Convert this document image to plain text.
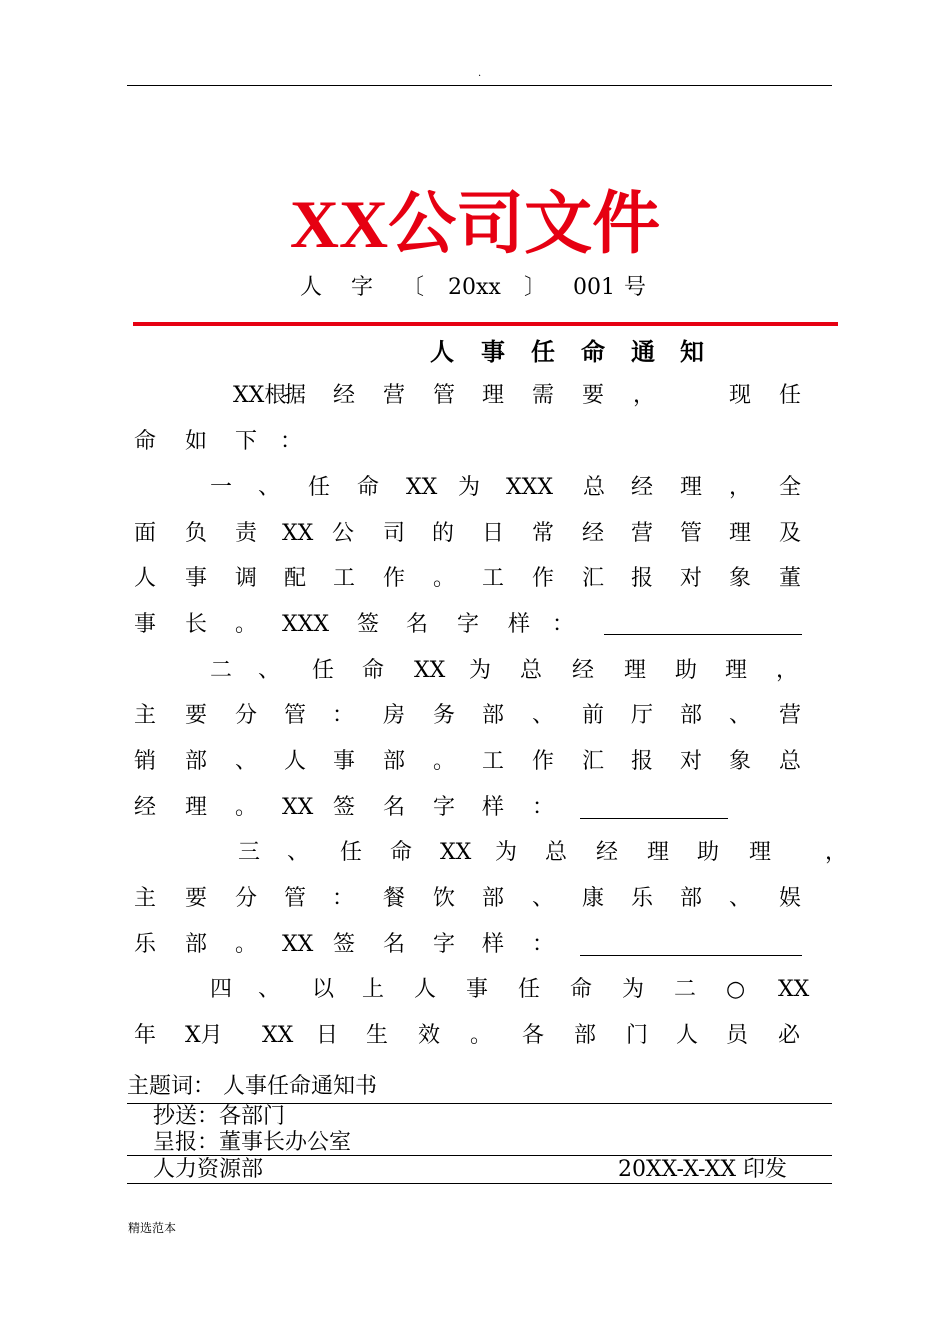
.
XX公司文件
人 字 〔 20xx 〕 001 号
人 事 任 命 通 知
XX根
据 经 营 管 理 需 要 ，	现 任
命 如 下 ：
一 、 任 命 XX 为 XXX 总 经 理 ， 全
面 负 责 XX 公 司 的 日 常 经 营 管 理 及
人 事 调 配 工 作 。 工 作 汇 报 对 象 董
事 长 。 XXX 签 名 字 样 ：
二 、 任 命 XX 为 总 经 理 助 理 ，
主 要 分 管 ： 房 务 部 、 前 厅 部 、 营
销 部 、 人 事 部 。 工 作 汇 报 对 象 总
经 理 。 XX 签 名 字 样 ：
三 、 任 命 XX 为 总 经 理 助 理 ，
主 要 分 管 ： 餐 饮 部 、 康 乐 部 、 娱
乐 部 。 XX 签 名 字 样 ：
四 、 以 上 人 事 任 命 为 二 ○ XX
年 X月 XX 日 生 效 。 各 部 门 人 员 必
主题词： 人事任命通知书
抄送：各部门
呈报：董事长办公室
人力资源部	20XX-X-XX 印发
精选范本
